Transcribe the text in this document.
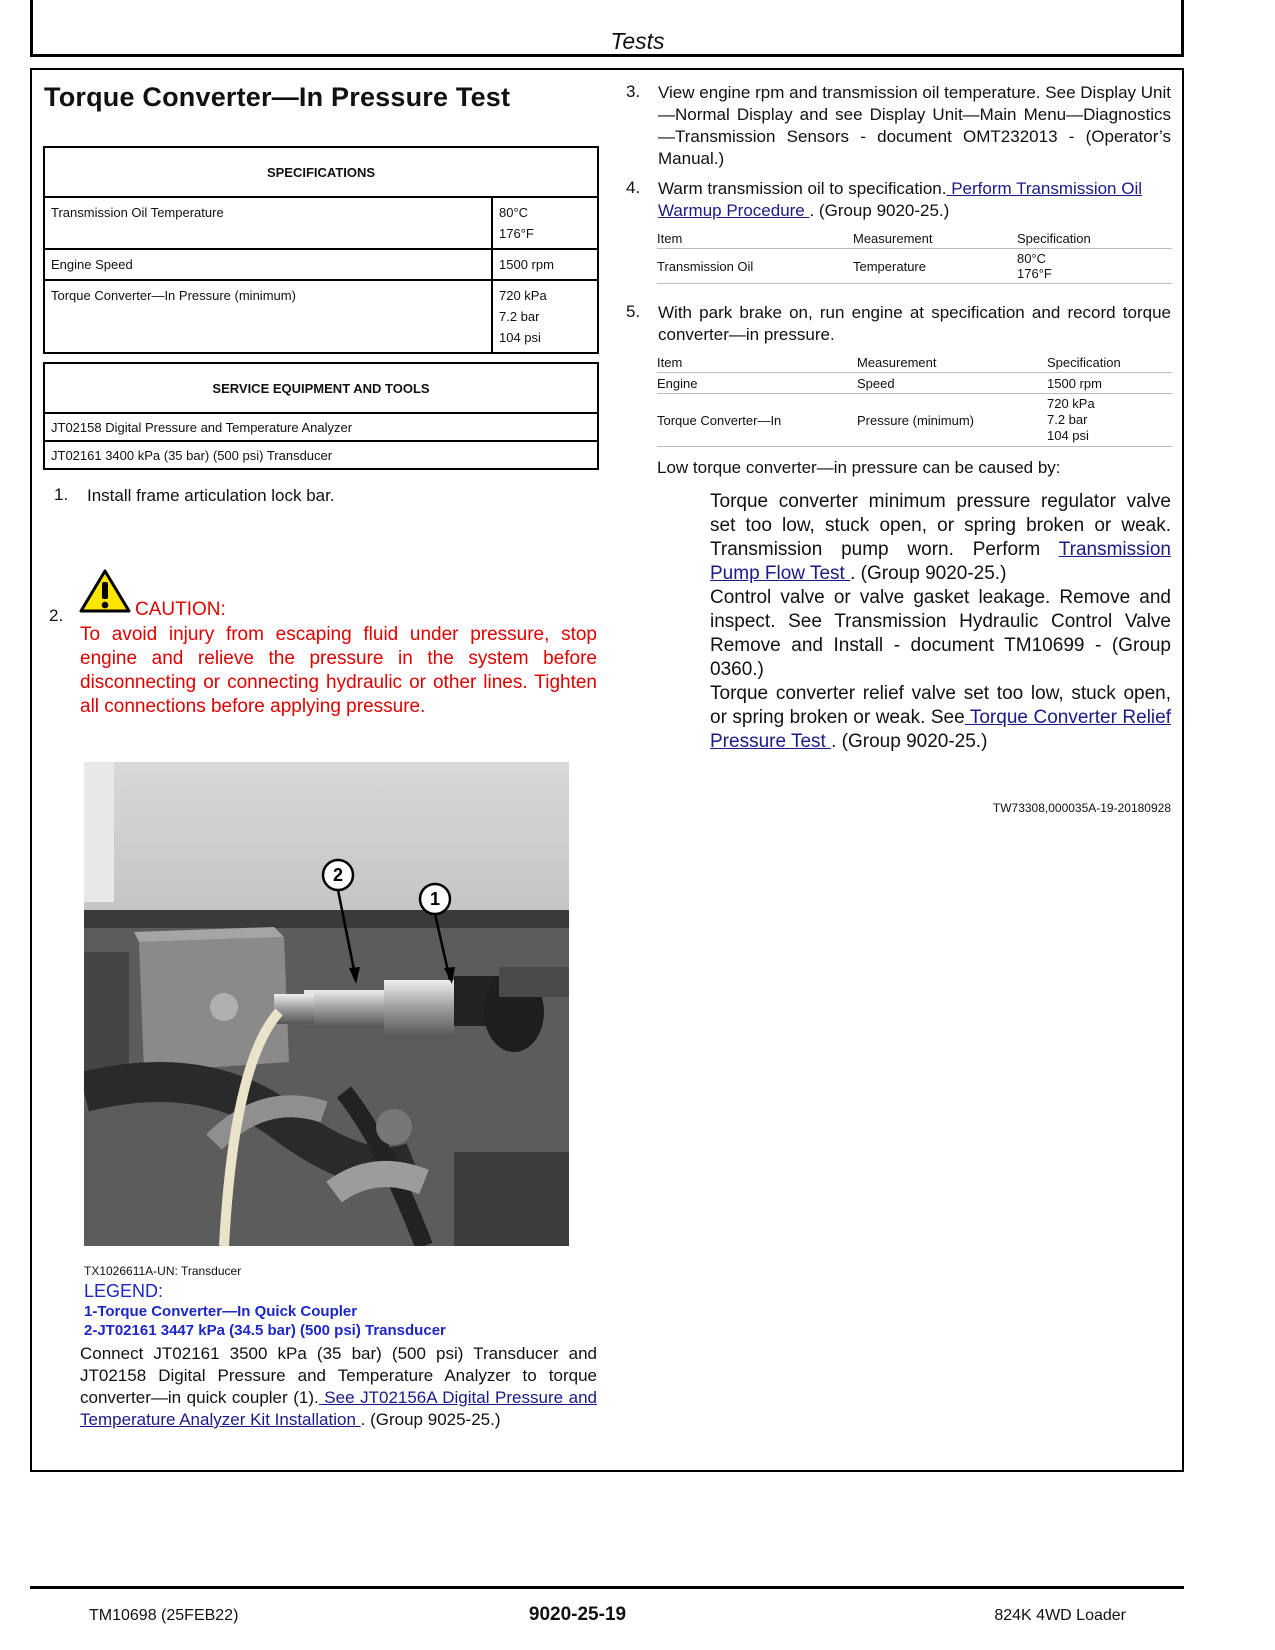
Tests
Torque Converter—In Pressure Test
SPECIFICATIONS	
Transmission Oil Temperature	80°C
176°F

Engine Speed	1500 rpm

Torque Converter—In Pressure (minimum)	720 kPa
7.2 bar
104 psi
SERVICE EQUIPMENT AND TOOLS
JT02158 Digital Pressure and Temperature Analyzer
JT02161 3400 kPa (35 bar) (500 psi) Transducer
1. Install frame articulation lock bar.
2.	CAUTION:
To avoid injury from escaping fluid under pressure, stop engine and relieve the pressure in the system before disconnecting or connecting hydraulic or other lines. Tighten all connections before applying pressure.
2
1
TX1026611A-UN: Transducer
LEGEND:
1-Torque Converter—In Quick Coupler
2-JT02161 3447 kPa (34.5 bar) (500 psi) Transducer
Connect JT02161 3500 kPa (35 bar) (500 psi) Transducer and JT02158 Digital Pressure and Temperature Analyzer to torque converter—in quick coupler (1). See JT02156A Digital Pressure and Temperature Analyzer Kit Installation . (Group 9025-25.)
3. View engine rpm and transmission oil temperature. See Display Unit—Normal Display and see Display Unit—Main Menu—Diagnostics—Transmission Sensors - document OMT232013 - (Operator’s Manual.)
4. Warm transmission oil to specification. Perform Transmission Oil Warmup Procedure . (Group 9020-25.)
Item	Measurement	Specification
Transmission Oil	Temperature	80°C
176°F
5. With park brake on, run engine at specification and record torque converter—in pressure.
Item	Measurement	Specification
Engine	Speed	1500 rpm
Torque Converter—In	Pressure (minimum)	720 kPa
7.2 bar
104 psi
Low torque converter—in pressure can be caused by:
Torque converter minimum pressure regulator valve set too low, stuck open, or spring broken or weak. Transmission pump worn. Perform Transmission Pump Flow Test . (Group 9020-25.)
Control valve or valve gasket leakage. Remove and inspect. See Transmission Hydraulic Control Valve Remove and Install - document TM10699 - (Group 0360.)
Torque converter relief valve set too low, stuck open, or spring broken or weak. See Torque Converter Relief Pressure Test . (Group 9020-25.)
TW73308,000035A-19-20180928
TM10698 (25FEB22)	9020-25-19	824K 4WD Loader
